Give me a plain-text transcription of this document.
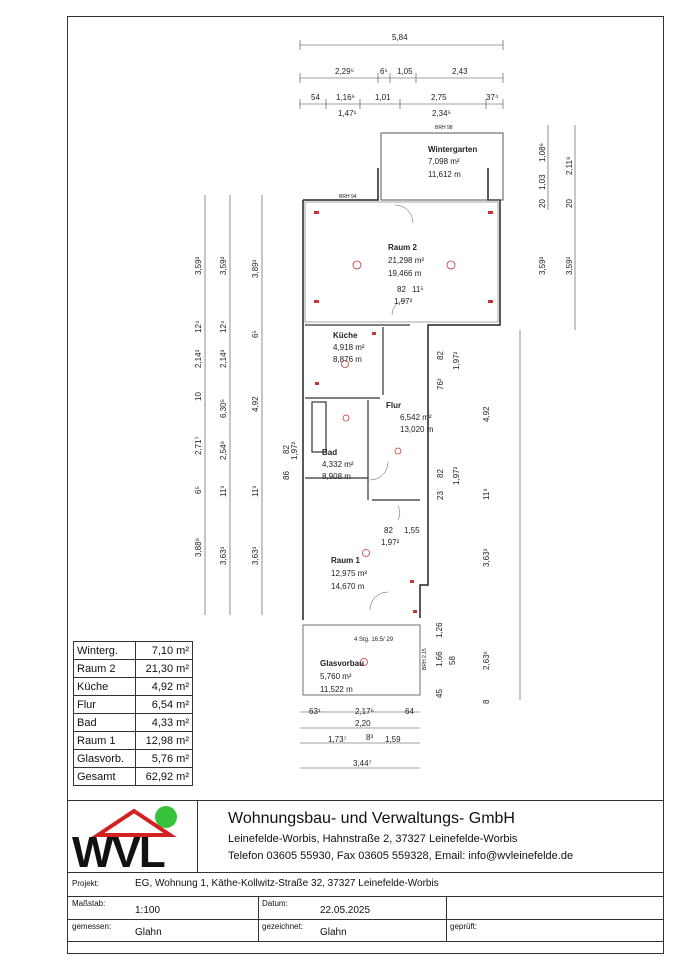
5,84
2,29⁵	6⁵ 1,05	2,43
54 1,16⁶	1,01	2,75	37⁴
1,47¹	2,34⁵
63¹	2,17⁶	64
2,20
1,73⁷ 8³ 1,59
3,44⁷
3,59³
12⁴
2,14³
10
2,71⁷
6⁵
3,88⁸
3,59³
12⁴
2,14³
6,30⁵
2,54⁸
11⁹
3,63³
3,89³
4,92
11⁹
3,63³
6⁵
1,08⁶
1,03
2,11⁸
20 20
3,59³ 3,59³
4,92
11⁹
3,63³
2,63⁶
8
82
86
1,97²
76³
82 1,97²
23
82 1,97²
1,26
1,66 58
45
82 11⁵
1,97²
82 1,55
1,97²
Wintergarten
7,098 m²
11,612 m
Raum 2
21,298 m²
19,466 m
Küche
4,918 m²
8,876 m
Flur
6,542 m²
13,020 m
Bad
4,332 m²
8,908 m
Raum 1
12,975 m²
14,670 m
Glasvorbau
5,760 m²
11,522 m
BRH 98
BRH 94
BRH 2,15
4 Stg. 16,5/ 29
Winterg.	7,10 m²
Raum 2	21,30 m²
Küche	4,92 m²
Flur	6,54 m²
Bad	4,33 m²
Raum 1	12,98 m²
Glasvorb.	5,76 m²
Gesamt	62,92 m²
WVL
Wohnungsbau- und Verwaltungs- GmbH
Leinefelde-Worbis, Hahnstraße 2, 37327 Leinefelde-Worbis
Telefon 03605 55930, Fax 03605 559328, Email: info@wvleinefelde.de
Projekt:	EG, Wohnung 1, Käthe-Kollwitz-Straße 32, 37327 Leinefelde-Worbis
Maßstab:
1:100
Datum:
22.05.2025
gemessen:
Glahn
gezeichnet:
Glahn
geprüft:
